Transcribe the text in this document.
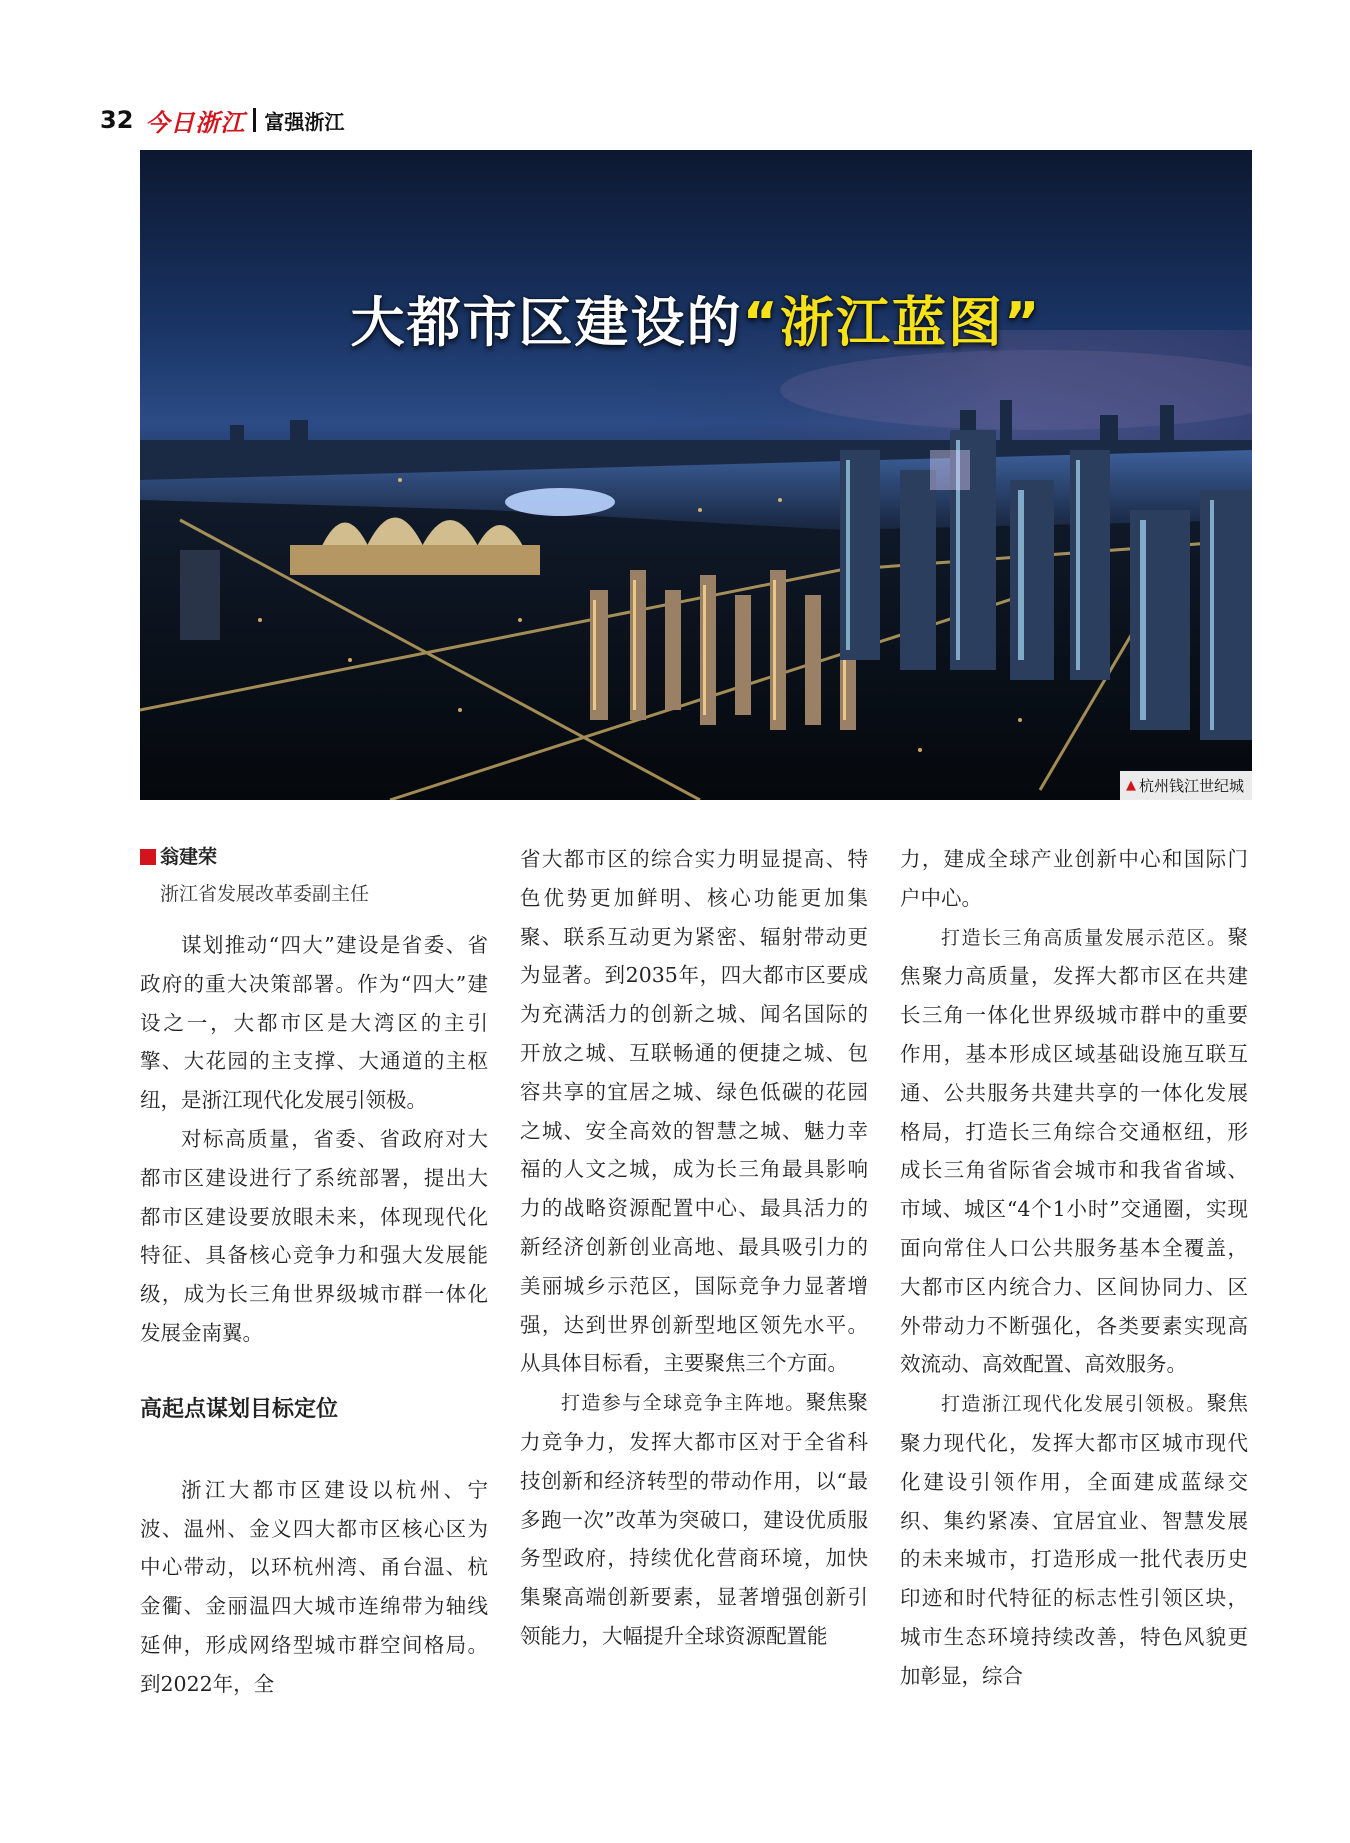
32 今日浙江 富强浙江
大都市区建设的“浙江蓝图”
▲ 杭州钱江世纪城
翁建荣
浙江省发展改革委副主任

谋划推动“四大”建设是省委、省政府的重大决策部署。作为“四大”建设之一，大都市区是大湾区的主引擎、大花园的主支撑、大通道的主枢纽，是浙江现代化发展引领极。

对标高质量，省委、省政府对大都市区建设进行了系统部署，提出大都市区建设要放眼未来，体现现代化特征、具备核心竞争力和强大发展能级，成为长三角世界级城市群一体化发展金南翼。

高起点谋划目标定位

浙江大都市区建设以杭州、宁波、温州、金义四大都市区核心区为中心带动，以环杭州湾、甬台温、杭金衢、金丽温四大城市连绵带为轴线延伸，形成网络型城市群空间格局。到2022年，全

省大都市区的综合实力明显提高、特色优势更加鲜明、核心功能更加集聚、联系互动更为紧密、辐射带动更为显著。到2035年，四大都市区要成为充满活力的创新之城、闻名国际的开放之城、互联畅通的便捷之城、包容共享的宜居之城、绿色低碳的花园之城、安全高效的智慧之城、魅力幸福的人文之城，成为长三角最具影响力的战略资源配置中心、最具活力的新经济创新创业高地、最具吸引力的美丽城乡示范区，国际竞争力显著增强，达到世界创新型地区领先水平。从具体目标看，主要聚焦三个方面。

打造参与全球竞争主阵地。聚焦聚力竞争力，发挥大都市区对于全省科技创新和经济转型的带动作用，以“最多跑一次”改革为突破口，建设优质服务型政府，持续优化营商环境，加快集聚高端创新要素，显著增强创新引领能力，大幅提升全球资源配置能

力，建成全球产业创新中心和国际门户中心。

打造长三角高质量发展示范区。聚焦聚力高质量，发挥大都市区在共建长三角一体化世界级城市群中的重要作用，基本形成区域基础设施互联互通、公共服务共建共享的一体化发展格局，打造长三角综合交通枢纽，形成长三角省际省会城市和我省省域、市域、城区“4个1小时”交通圈，实现面向常住人口公共服务基本全覆盖，大都市区内统合力、区间协同力、区外带动力不断强化，各类要素实现高效流动、高效配置、高效服务。

打造浙江现代化发展引领极。聚焦聚力现代化，发挥大都市区城市现代化建设引领作用，全面建成蓝绿交织、集约紧凑、宜居宜业、智慧发展的未来城市，打造形成一批代表历史印迹和时代特征的标志性引领区块，城市生态环境持续改善，特色风貌更加彰显，综合
